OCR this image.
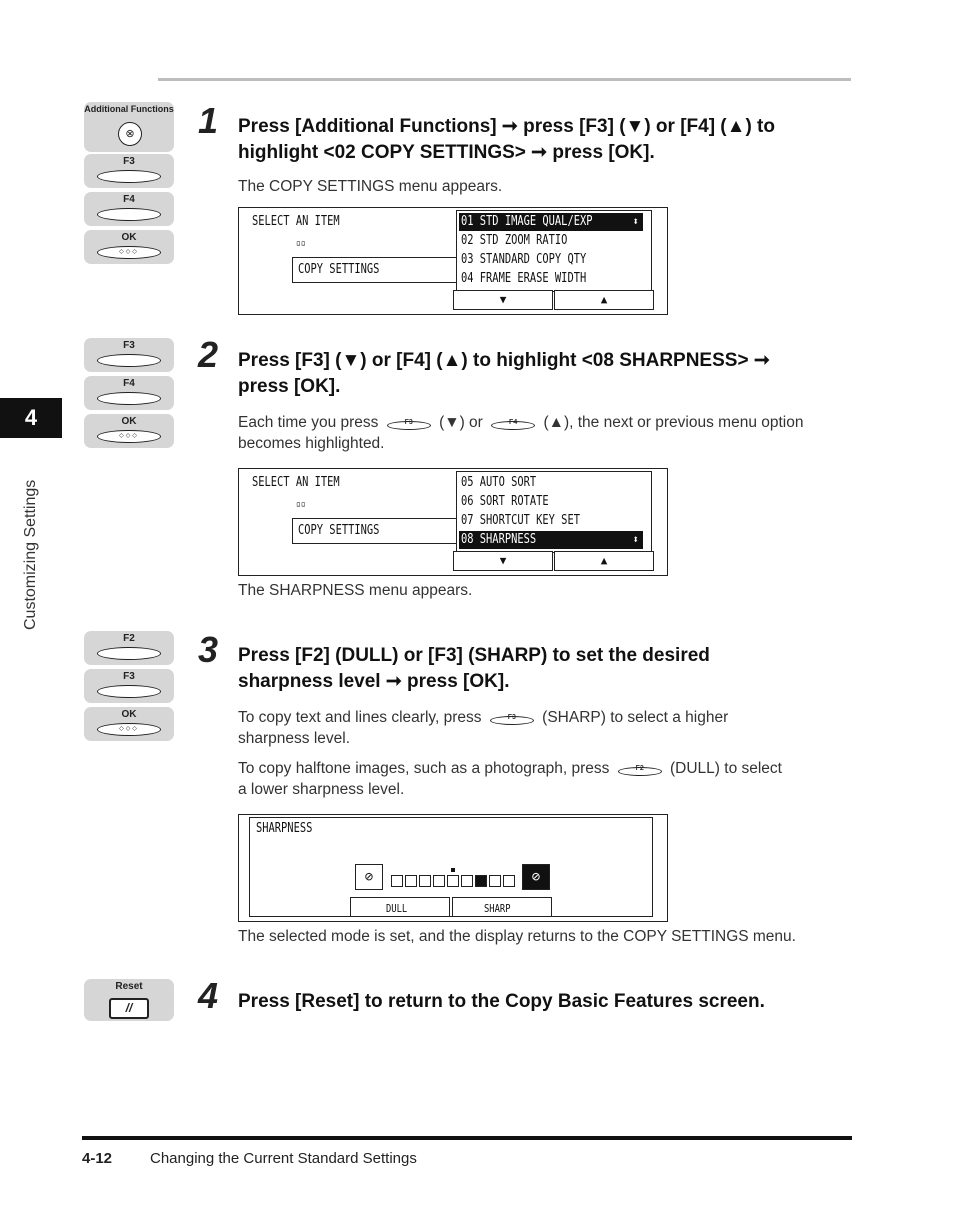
4
Customizing Settings
4-12	Changing the Current Standard Settings
Additional Functions
⊗
F3
F4
OK
◇◇◇
1 Press [Additional Functions] ➞ press [F3] (▼) or [F4] (▲) to
highlight <02 COPY SETTINGS> ➞ press [OK].
The COPY SETTINGS menu appears.
SELECT AN ITEM
▫▫
COPY SETTINGS
01 STD IMAGE QUAL/EXP	⬍
02 STD ZOOM RATIO
03 STANDARD COPY QTY
04 FRAME ERASE WIDTH
▼	▲
F3
F4
OK
◇◇◇
2 Press [F3] (▼) or [F4] (▲) to highlight <08 SHARPNESS> ➞
press [OK].
Each time you press	F3	(▼) or	F4	(▲), the next or previous menu option
becomes highlighted.
SELECT AN ITEM
▫▫
COPY SETTINGS
05 AUTO SORT
06 SORT ROTATE
07 SHORTCUT KEY SET
08 SHARPNESS	⬍
▼	▲
The SHARPNESS menu appears.
F2
F3
OK
◇◇◇
3 Press [F2] (DULL) or [F3] (SHARP) to set the desired
sharpness level ➞ press [OK].
To copy text and lines clearly, press	F3	(SHARP) to select a higher
sharpness level.
To copy halftone images, such as a photograph, press	F2	(DULL) to select
a lower sharpness level.
SHARPNESS
⊘	⊘
DULL	SHARP
The selected mode is set, and the display returns to the COPY SETTINGS menu.
Reset
//	4 Press [Reset] to return to the Copy Basic Features screen.
